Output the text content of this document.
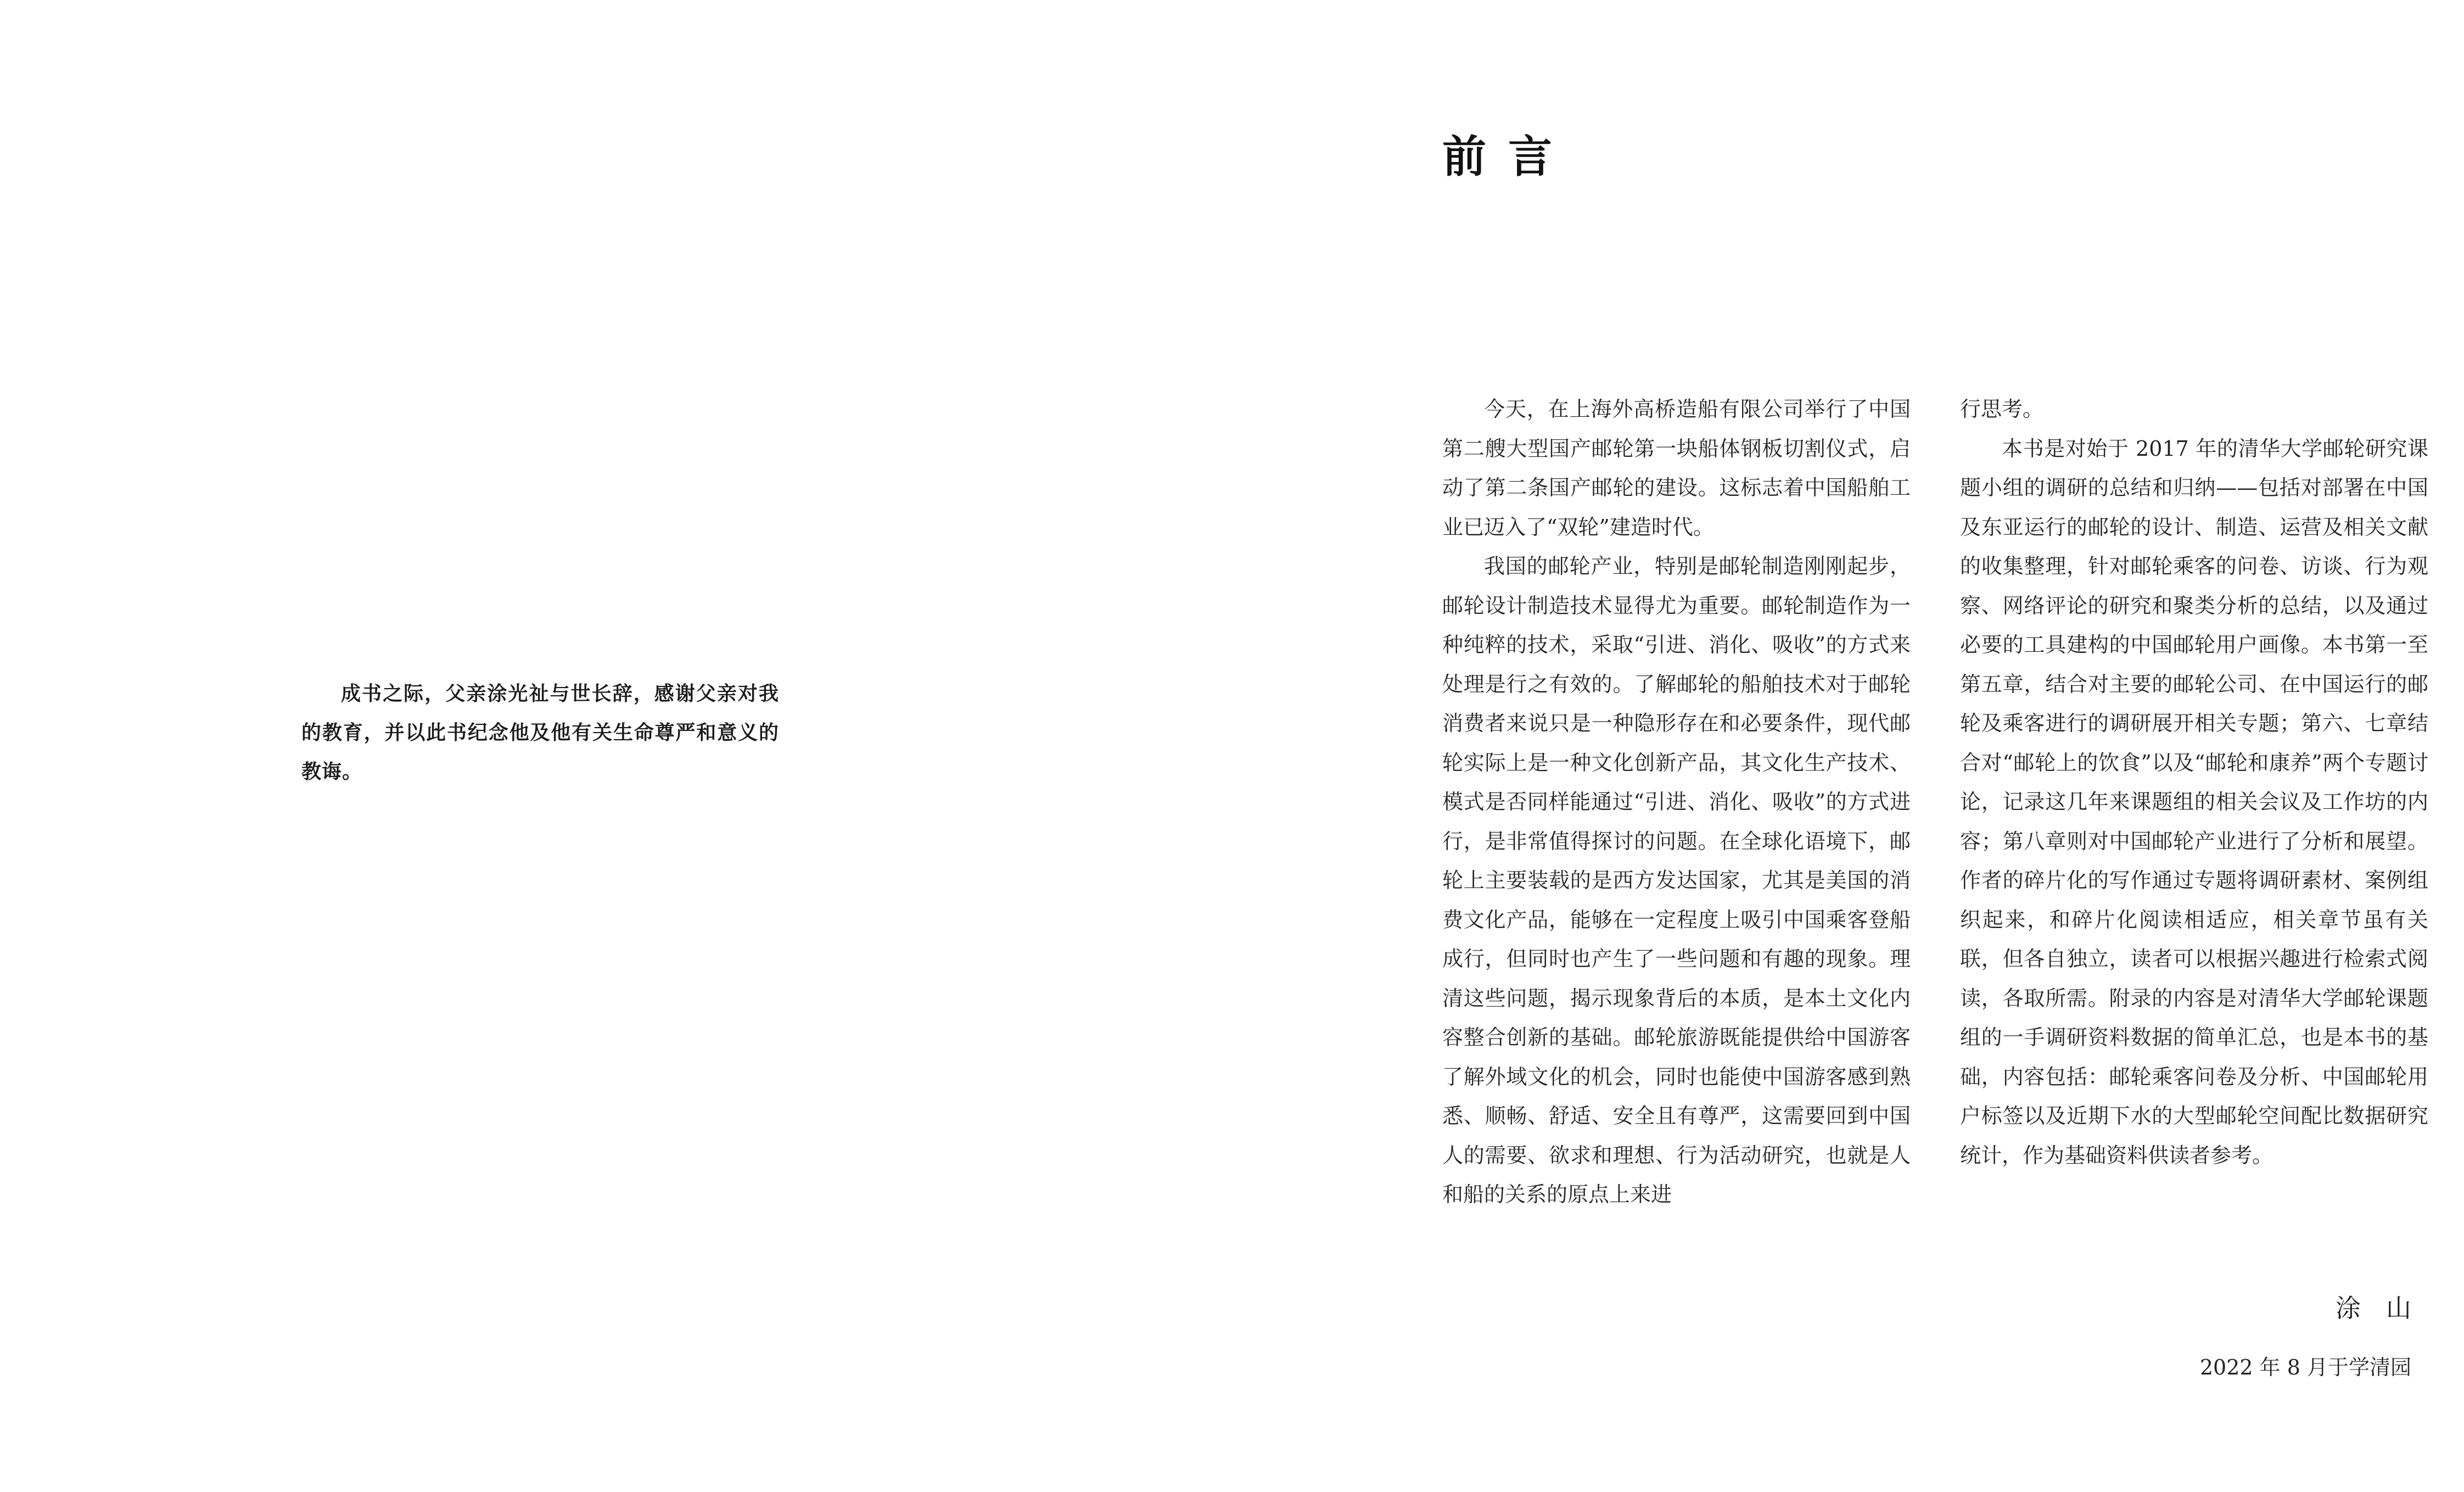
成书之际，父亲涂光祉与世长辞，感谢父亲对我的教育，并以此书纪念他及他有关生命尊严和意义的教诲。

前言

今天，在上海外高桥造船有限公司举行了中国第二艘大型国产邮轮第一块船体钢板切割仪式，启动了第二条国产邮轮的建设。这标志着中国船舶工业已迈入了“双轮”建造时代。

我国的邮轮产业，特别是邮轮制造刚刚起步，邮轮设计制造技术显得尤为重要。邮轮制造作为一种纯粹的技术，采取“引进、消化、吸收”的方式来处理是行之有效的。了解邮轮的船舶技术对于邮轮消费者来说只是一种隐形存在和必要条件，现代邮轮实际上是一种文化创新产品，其文化生产技术、模式是否同样能通过“引进、消化、吸收”的方式进行，是非常值得探讨的问题。在全球化语境下，邮轮上主要装载的是西方发达国家，尤其是美国的消费文化产品，能够在一定程度上吸引中国乘客登船成行，但同时也产生了一些问题和有趣的现象。理清这些问题，揭示现象背后的本质，是本土文化内容整合创新的基础。邮轮旅游既能提供给中国游客了解外域文化的机会，同时也能使中国游客感到熟悉、顺畅、舒适、安全且有尊严，这需要回到中国人的需要、欲求和理想、行为活动研究，也就是人和船的关系的原点上来进

行思考。

本书是对始于 2017 年的清华大学邮轮研究课题小组的调研的总结和归纳——包括对部署在中国及东亚运行的邮轮的设计、制造、运营及相关文献的收集整理，针对邮轮乘客的问卷、访谈、行为观察、网络评论的研究和聚类分析的总结，以及通过必要的工具建构的中国邮轮用户画像。本书第一至第五章，结合对主要的邮轮公司、在中国运行的邮轮及乘客进行的调研展开相关专题；第六、七章结合对“邮轮上的饮食”以及“邮轮和康养”两个专题讨论，记录这几年来课题组的相关会议及工作坊的内容；第八章则对中国邮轮产业进行了分析和展望。作者的碎片化的写作通过专题将调研素材、案例组织起来，和碎片化阅读相适应，相关章节虽有关联，但各自独立，读者可以根据兴趣进行检索式阅读，各取所需。附录的内容是对清华大学邮轮课题组的一手调研资料数据的简单汇总，也是本书的基础，内容包括：邮轮乘客问卷及分析、中国邮轮用户标签以及近期下水的大型邮轮空间配比数据研究统计，作为基础资料供读者参考。

涂山
2022 年 8 月于学清园
